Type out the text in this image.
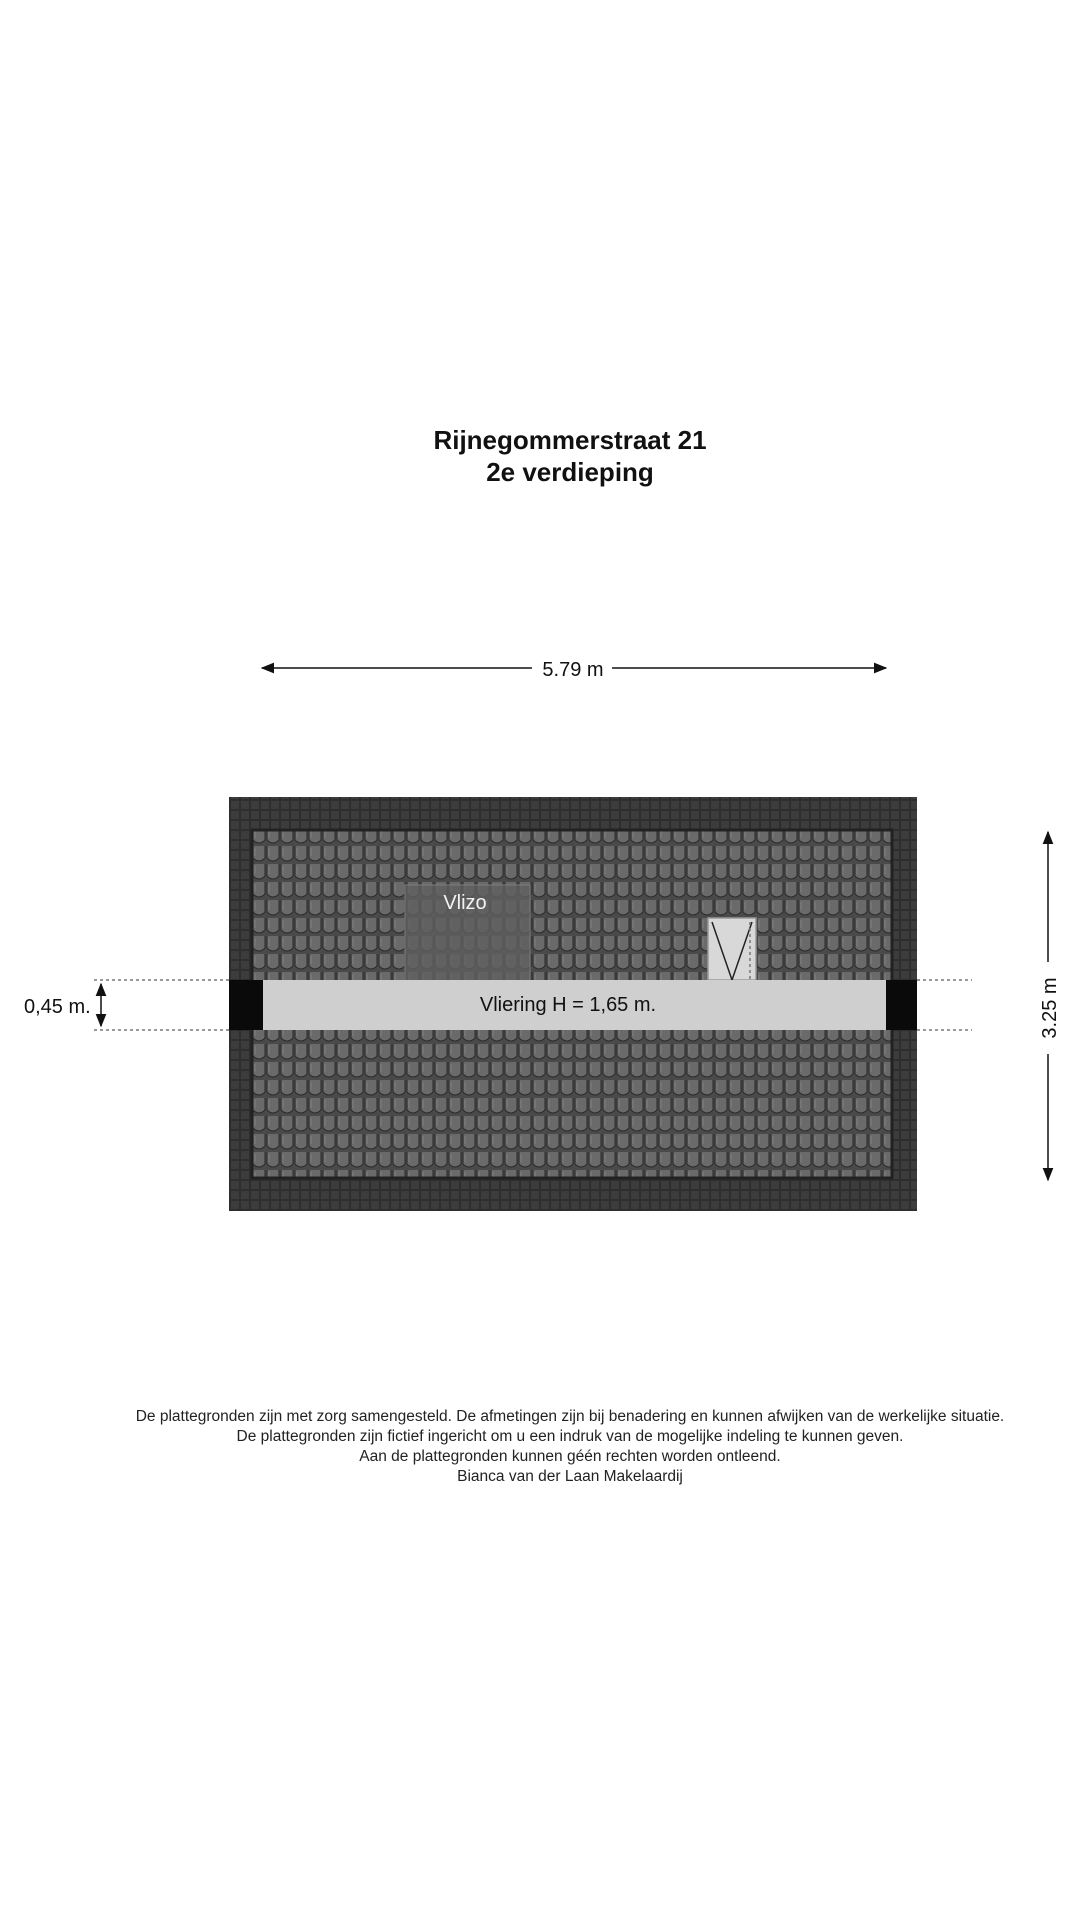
Rijnegommerstraat 21
2e verdieping
5.79 m
Vlizo
Vliering H = 1,65 m.
0,45 m.	3.25 m
De plattegronden zijn met zorg samengesteld. De afmetingen zijn bij benadering en kunnen afwijken van de werkelijke situatie.
De plattegronden zijn fictief ingericht om u een indruk van de mogelijke indeling te kunnen geven.
Aan de plattegronden kunnen géén rechten worden ontleend.
Bianca van der Laan Makelaardij
